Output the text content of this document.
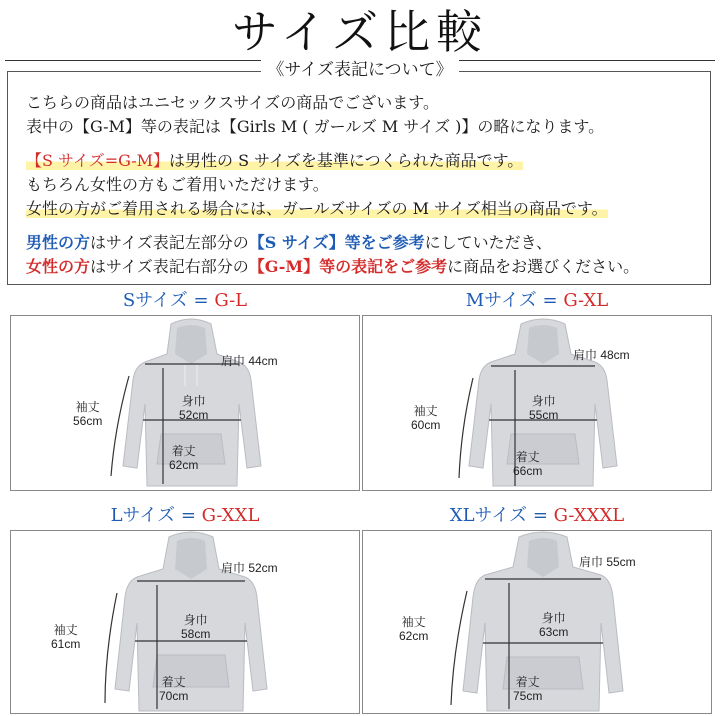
サイズ比較
《サイズ表記について》
こちらの商品はユニセックスサイズの商品でございます。
表中の【G-M】等の表記は【Girls M ( ガールズ M サイズ )】の略になります。
【S サイズ=G-M】は男性の S サイズを基準につくられた商品です。
もちろん女性の方もご着用いただけます。
女性の方がご着用される場合には、ガールズサイズの M サイズ相当の商品です。
男性の方はサイズ表記左部分の【S サイズ】等をご参考にしていただき、
女性の方はサイズ表記右部分の【G-M】等の表記をご参考に商品をお選びください。
Sサイズ = G-L
肩巾 44cm
身巾
52cm
袖丈
56cm
着丈
62cm
Mサイズ = G-XL
肩巾 48cm
身巾
55cm
袖丈
60cm
着丈
66cm
Lサイズ = G-XXL
肩巾 52cm
身巾
58cm
袖丈
61cm
着丈
70cm
XLサイズ = G-XXXL
肩巾 55cm
身巾
63cm
袖丈
62cm
着丈
75cm
